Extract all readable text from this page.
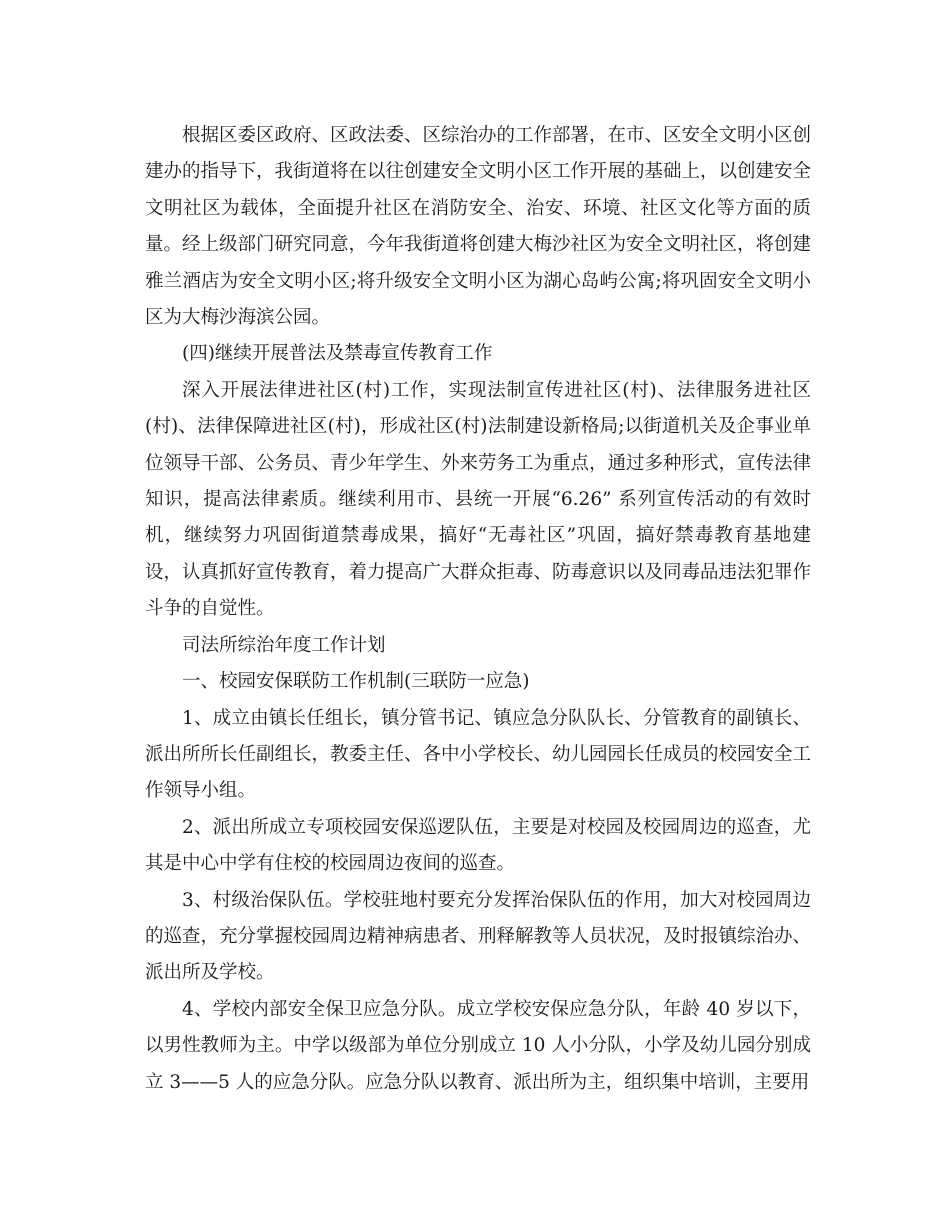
根据区委区政府、区政法委、区综治办的工作部署，在市、区安全文明小区创建办的指导下，我街道将在以往创建安全文明小区工作开展的基础上，以创建安全文明社区为载体，全面提升社区在消防安全、治安、环境、社区文化等方面的质量。经上级部门研究同意，今年我街道将创建大梅沙社区为安全文明社区，将创建雅兰酒店为安全文明小区;将升级安全文明小区为湖心岛屿公寓;将巩固安全文明小区为大梅沙海滨公园。

(四)继续开展普法及禁毒宣传教育工作

深入开展法律进社区(村)工作，实现法制宣传进社区(村)、法律服务进社区(村)、法律保障进社区(村)，形成社区(村)法制建设新格局;以街道机关及企事业单位领导干部、公务员、青少年学生、外来劳务工为重点，通过多种形式，宣传法律知识，提高法律素质。继续利用市、县统一开展“6.26” 系列宣传活动的有效时机，继续努力巩固街道禁毒成果，搞好“无毒社区”巩固，搞好禁毒教育基地建设，认真抓好宣传教育，着力提高广大群众拒毒、防毒意识以及同毒品违法犯罪作斗争的自觉性。

司法所综治年度工作计划

一、校园安保联防工作机制(三联防一应急)

1、成立由镇长任组长，镇分管书记、镇应急分队队长、分管教育的副镇长、派出所所长任副组长，教委主任、各中小学校长、幼儿园园长任成员的校园安全工作领导小组。

2、派出所成立专项校园安保巡逻队伍，主要是对校园及校园周边的巡查，尤其是中心中学有住校的校园周边夜间的巡查。

3、村级治保队伍。学校驻地村要充分发挥治保队伍的作用，加大对校园周边的巡查，充分掌握校园周边精神病患者、刑释解教等人员状况，及时报镇综治办、派出所及学校。

4、学校内部安全保卫应急分队。成立学校安保应急分队，年龄 40 岁以下，以男性教师为主。中学以级部为单位分别成立 10 人小分队，小学及幼儿园分别成立 3——5 人的应急分队。应急分队以教育、派出所为主，组织集中培训，主要用
